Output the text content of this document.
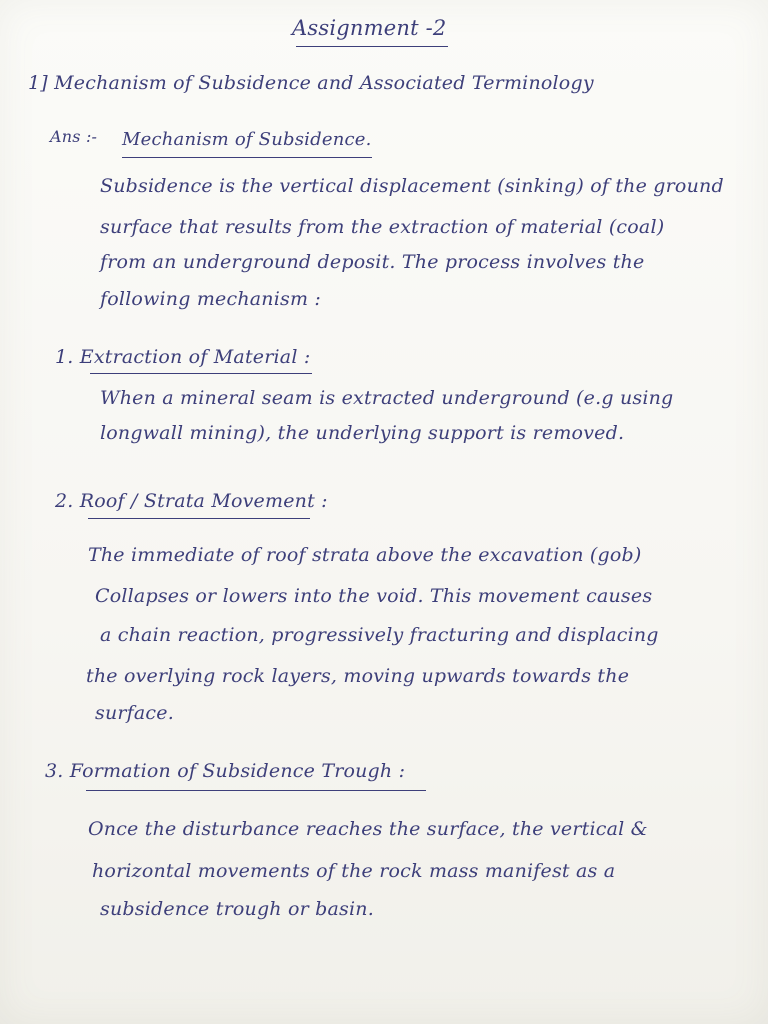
Assignment -2
1] Mechanism of Subsidence and Associated Terminology
Ans :- Mechanism of Subsidence.
Subsidence is the vertical displacement (sinking) of the ground
surface that results from the extraction of material (coal)
from an underground deposit. The process involves the
following mechanism :
1. Extraction of Material :
When a mineral seam is extracted underground (e.g using
longwall mining), the underlying support is removed.
2. Roof / Strata Movement :
The immediate of roof strata above the excavation (gob)
Collapses or lowers into the void. This movement causes
a chain reaction, progressively fracturing and displacing
the overlying rock layers, moving upwards towards the
surface.
3. Formation of Subsidence Trough :
Once the disturbance reaches the surface, the vertical &
horizontal movements of the rock mass manifest as a
subsidence trough or basin.
